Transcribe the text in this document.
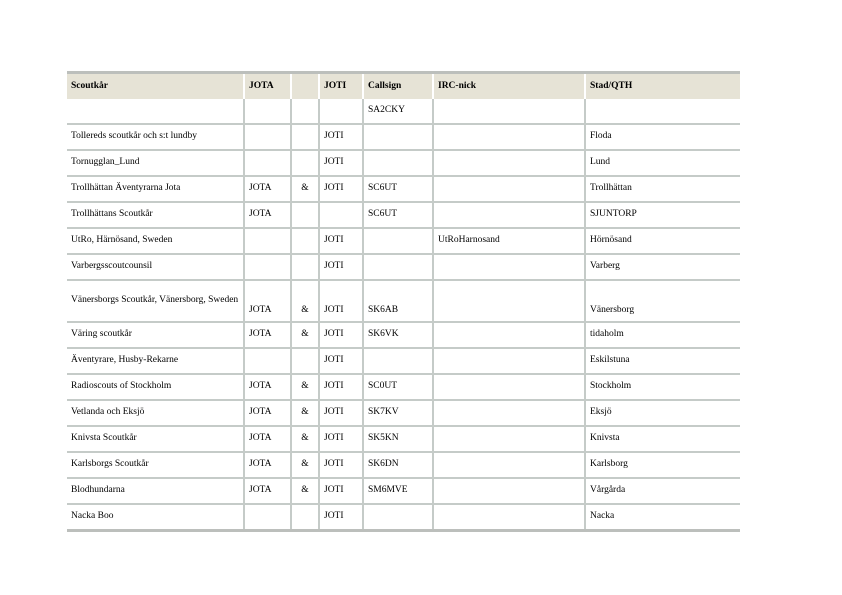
Scoutkår	JOTA		JOTI	Callsign	IRC-nick	Stad/QTH
				SA2CKY		
Tollereds scoutkår och s:t lundby			JOTI			Floda
Tornugglan_Lund			JOTI			Lund
Trollhättan Äventyrarna Jota	JOTA	&	JOTI	SC6UT		Trollhättan
Trollhättans Scoutkår	JOTA			SC6UT		SJUNTORP
UtRo, Härnösand, Sweden			JOTI		UtRoHarnosand	Hörnösand
Varbergsscoutcounsil			JOTI			Varberg
Vänersborgs Scoutkår, Vänersborg, Sweden	JOTA	&	JOTI	SK6AB		Vänersborg
Väring scoutkår	JOTA	&	JOTI	SK6VK		tidaholm
Äventyrare, Husby-Rekarne			JOTI			Eskilstuna
Radioscouts of Stockholm	JOTA	&	JOTI	SC0UT		Stockholm
Vetlanda och Eksjö	JOTA	&	JOTI	SK7KV		Eksjö
Knivsta Scoutkår	JOTA	&	JOTI	SK5KN		Knivsta
Karlsborgs Scoutkår	JOTA	&	JOTI	SK6DN		Karlsborg
Blodhundarna	JOTA	&	JOTI	SM6MVE		Vårgårda
Nacka Boo			JOTI			Nacka
